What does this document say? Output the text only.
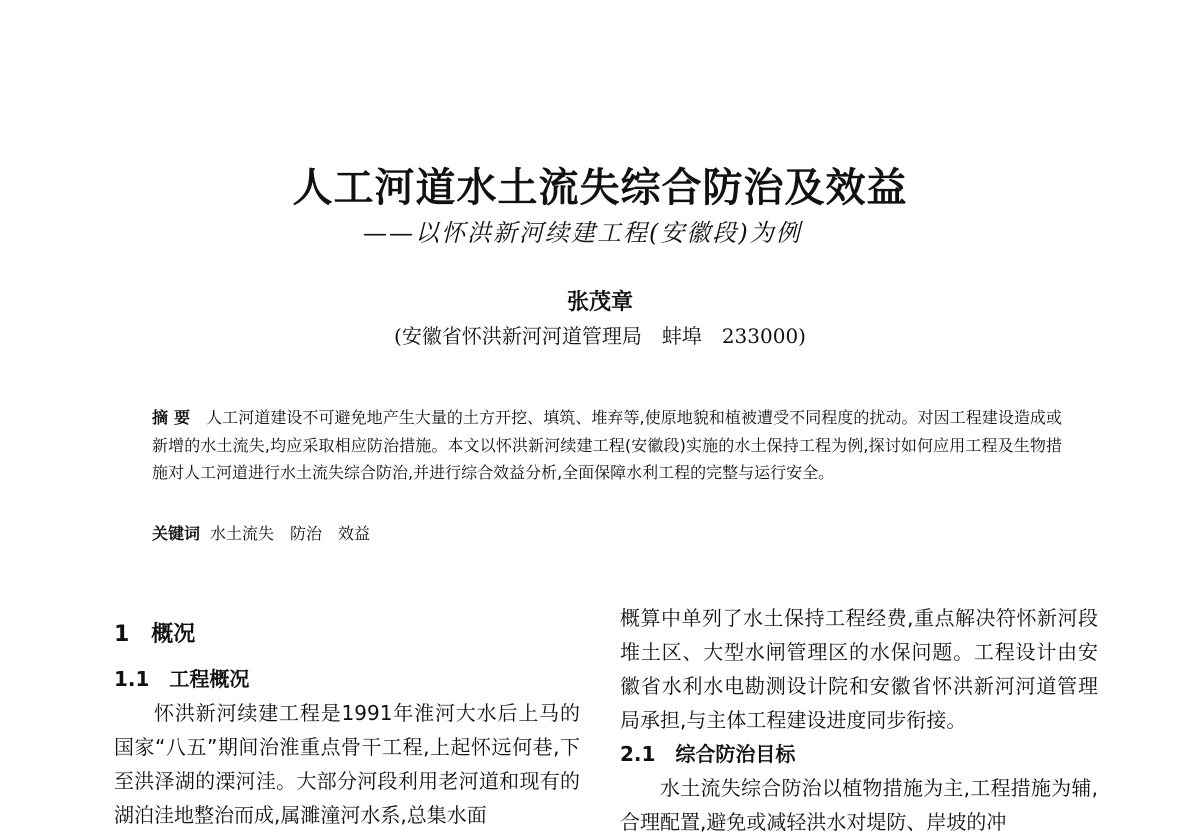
人工河道水土流失综合防治及效益
——以怀洪新河续建工程(安徽段)为例
张茂章
(安徽省怀洪新河河道管理局　蚌埠　233000)
摘要 人工河道建设不可避免地产生大量的土方开挖、填筑、堆弃等,使原地貌和植被遭受不同程度的扰动。对因工程建设造成或新增的水土流失,均应采取相应防治措施。本文以怀洪新河续建工程(安徽段)实施的水土保持工程为例,探讨如何应用工程及生物措施对人工河道进行水土流失综合防治,并进行综合效益分析,全面保障水利工程的完整与运行安全。
关键词 水土流失　防治　效益
1　概况
1.1　工程概况

怀洪新河续建工程是1991年淮河大水后上马的国家“八五”期间治淮重点骨干工程,上起怀远何巷,下至洪泽湖的溧河洼。大部分河段利用老河道和现有的湖泊洼地整治而成,属濉潼河水系,总集水面

概算中单列了水土保持工程经费,重点解决符怀新河段堆土区、大型水闸管理区的水保问题。工程设计由安徽省水利水电勘测设计院和安徽省怀洪新河河道管理局承担,与主体工程建设进度同步衔接。

2.1　综合防治目标

水土流失综合防治以植物措施为主,工程措施为辅,合理配置,避免或减轻洪水对堤防、岸坡的冲
